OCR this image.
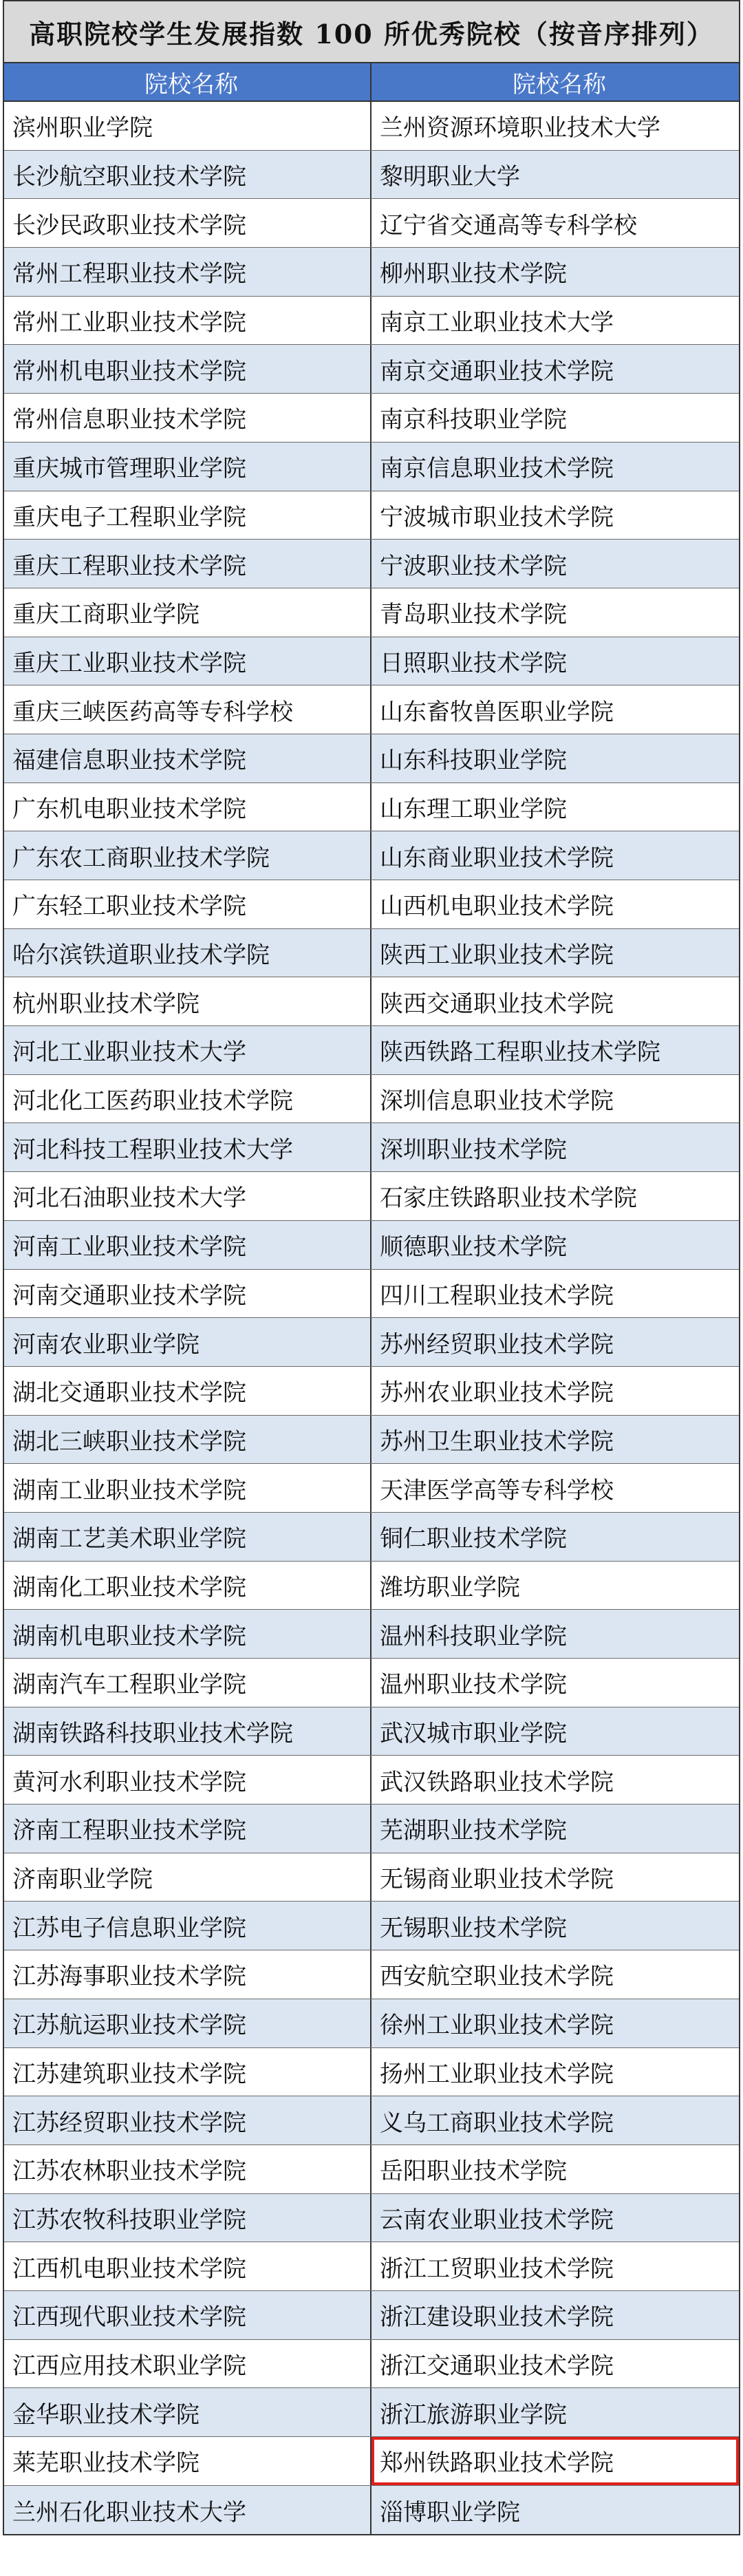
高职院校学生发展指数 100 所优秀院校（按音序排列）
院校名称	院校名称
滨州职业学院	兰州资源环境职业技术大学
长沙航空职业技术学院	黎明职业大学
长沙民政职业技术学院	辽宁省交通高等专科学校
常州工程职业技术学院	柳州职业技术学院
常州工业职业技术学院	南京工业职业技术大学
常州机电职业技术学院	南京交通职业技术学院
常州信息职业技术学院	南京科技职业学院
重庆城市管理职业学院	南京信息职业技术学院
重庆电子工程职业学院	宁波城市职业技术学院
重庆工程职业技术学院	宁波职业技术学院
重庆工商职业学院	青岛职业技术学院
重庆工业职业技术学院	日照职业技术学院
重庆三峡医药高等专科学校	山东畜牧兽医职业学院
福建信息职业技术学院	山东科技职业学院
广东机电职业技术学院	山东理工职业学院
广东农工商职业技术学院	山东商业职业技术学院
广东轻工职业技术学院	山西机电职业技术学院
哈尔滨铁道职业技术学院	陕西工业职业技术学院
杭州职业技术学院	陕西交通职业技术学院
河北工业职业技术大学	陕西铁路工程职业技术学院
河北化工医药职业技术学院	深圳信息职业技术学院
河北科技工程职业技术大学	深圳职业技术学院
河北石油职业技术大学	石家庄铁路职业技术学院
河南工业职业技术学院	顺德职业技术学院
河南交通职业技术学院	四川工程职业技术学院
河南农业职业学院	苏州经贸职业技术学院
湖北交通职业技术学院	苏州农业职业技术学院
湖北三峡职业技术学院	苏州卫生职业技术学院
湖南工业职业技术学院	天津医学高等专科学校
湖南工艺美术职业学院	铜仁职业技术学院
湖南化工职业技术学院	潍坊职业学院
湖南机电职业技术学院	温州科技职业学院
湖南汽车工程职业学院	温州职业技术学院
湖南铁路科技职业技术学院	武汉城市职业学院
黄河水利职业技术学院	武汉铁路职业技术学院
济南工程职业技术学院	芜湖职业技术学院
济南职业学院	无锡商业职业技术学院
江苏电子信息职业学院	无锡职业技术学院
江苏海事职业技术学院	西安航空职业技术学院
江苏航运职业技术学院	徐州工业职业技术学院
江苏建筑职业技术学院	扬州工业职业技术学院
江苏经贸职业技术学院	义乌工商职业技术学院
江苏农林职业技术学院	岳阳职业技术学院
江苏农牧科技职业学院	云南农业职业技术学院
江西机电职业技术学院	浙江工贸职业技术学院
江西现代职业技术学院	浙江建设职业技术学院
江西应用技术职业学院	浙江交通职业技术学院
金华职业技术学院	浙江旅游职业学院
莱芜职业技术学院	郑州铁路职业技术学院
兰州石化职业技术大学	淄博职业学院
